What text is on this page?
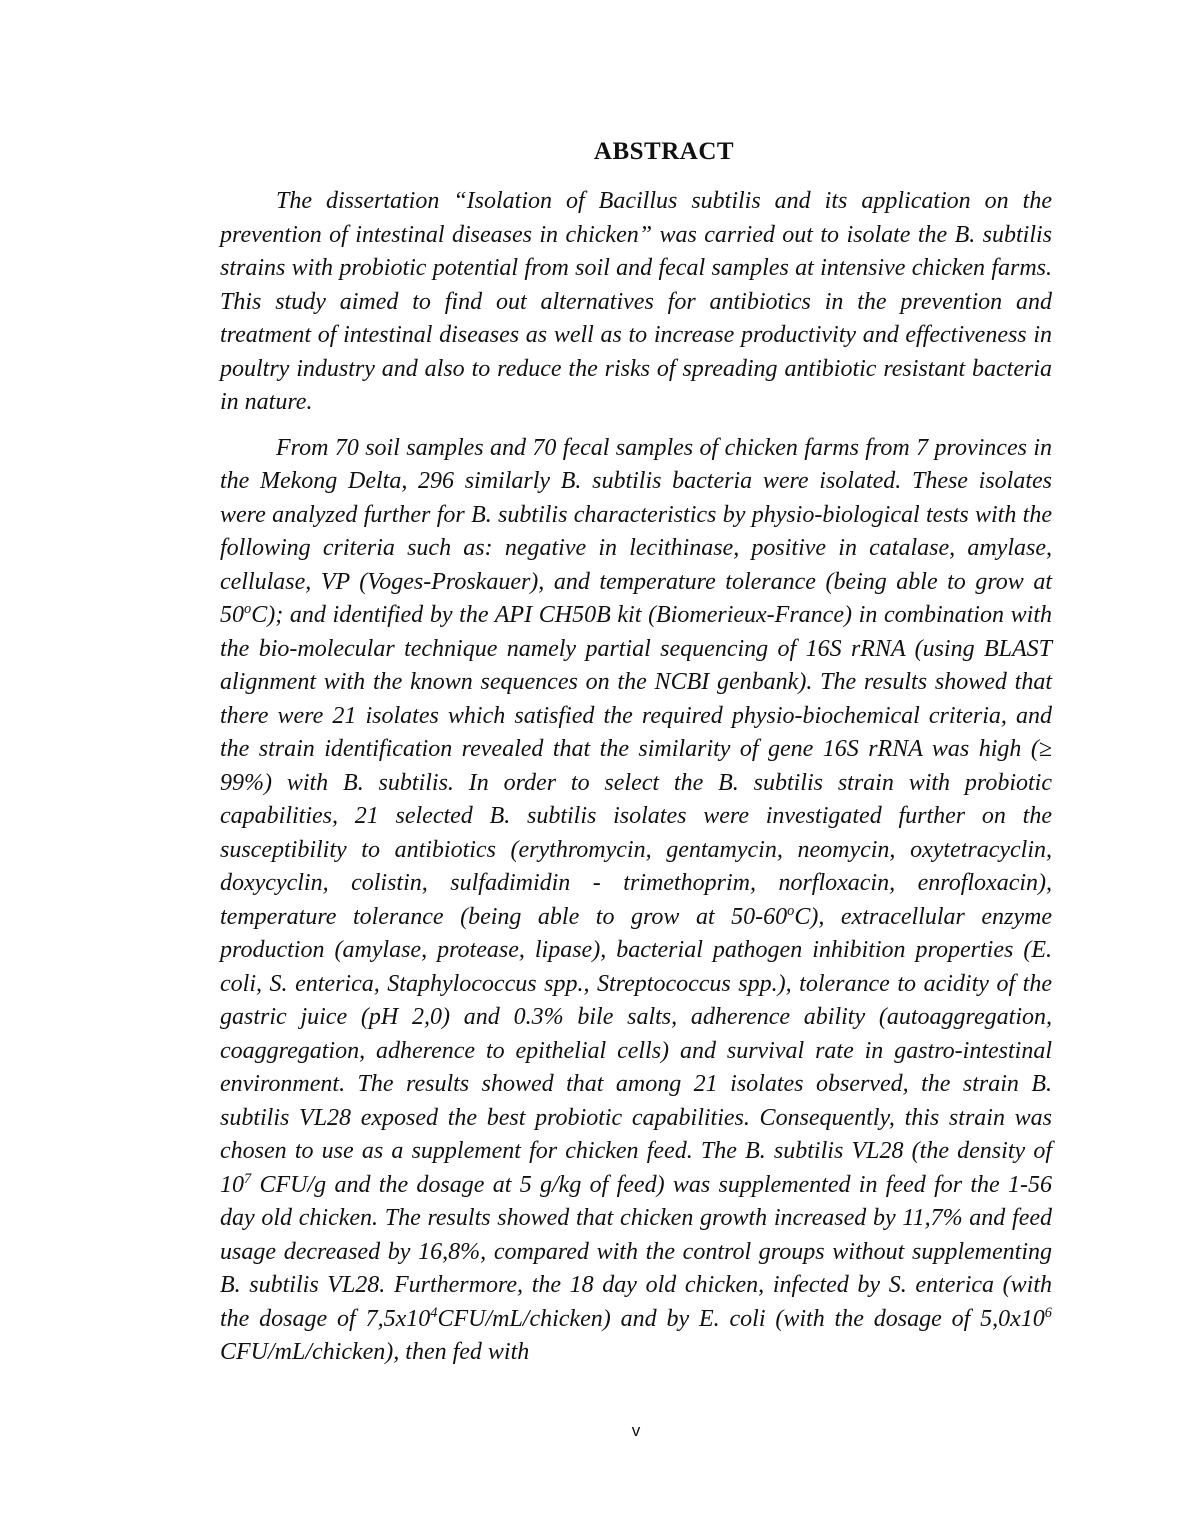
ABSTRACT

The dissertation “Isolation of Bacillus subtilis and its application on the prevention of intestinal diseases in chicken” was carried out to isolate the B. subtilis strains with probiotic potential from soil and fecal samples at intensive chicken farms. This study aimed to find out alternatives for antibiotics in the prevention and treatment of intestinal diseases as well as to increase productivity and effectiveness in poultry industry and also to reduce the risks of spreading antibiotic resistant bacteria in nature.

From 70 soil samples and 70 fecal samples of chicken farms from 7 provinces in the Mekong Delta, 296 similarly B. subtilis bacteria were isolated. These isolates were analyzed further for B. subtilis characteristics by physio-biological tests with the following criteria such as: negative in lecithinase, positive in catalase, amylase, cellulase, VP (Voges-Proskauer), and temperature tolerance (being able to grow at 50$^o$C); and identified by the API CH50B kit (Biomerieux-France) in combination with the bio-molecular technique namely partial sequencing of 16S rRNA (using BLAST alignment with the known sequences on the NCBI genbank). The results showed that there were 21 isolates which satisfied the required physio-biochemical criteria, and the strain identification revealed that the similarity of gene 16S rRNA was high (≥ 99%) with B. subtilis. In order to select the B. subtilis strain with probiotic capabilities, 21 selected B. subtilis isolates were investigated further on the susceptibility to antibiotics (erythromycin, gentamycin, neomycin, oxytetracyclin, doxycyclin, colistin, sulfadimidin - trimethoprim, norfloxacin, enrofloxacin), temperature tolerance (being able to grow at 50-60$^o$C), extracellular enzyme production (amylase, protease, lipase), bacterial pathogen inhibition properties (E. coli, S. enterica, Staphylococcus spp., Streptococcus spp.), tolerance to acidity of the gastric juice (pH 2,0) and 0.3% bile salts, adherence ability (autoaggregation, coaggregation, adherence to epithelial cells) and survival rate in gastro-intestinal environment. The results showed that among 21 isolates observed, the strain B. subtilis VL28 exposed the best probiotic capabilities. Consequently, this strain was chosen to use as a supplement for chicken feed. The B. subtilis VL28 (the density of $10^7$ CFU/g and the dosage at 5 g/kg of feed) was supplemented in feed for the 1-56 day old chicken. The results showed that chicken growth increased by 11,7% and feed usage decreased by 16,8%, compared with the control groups without supplementing B. subtilis VL28. Furthermore, the 18 day old chicken, infected by S. enterica (with the dosage of $7,5x10^4CFU/mL/chicken$) and by E. coli (with the dosage of $5,0x10^6$ CFU/mL/chicken), then fed with

v
